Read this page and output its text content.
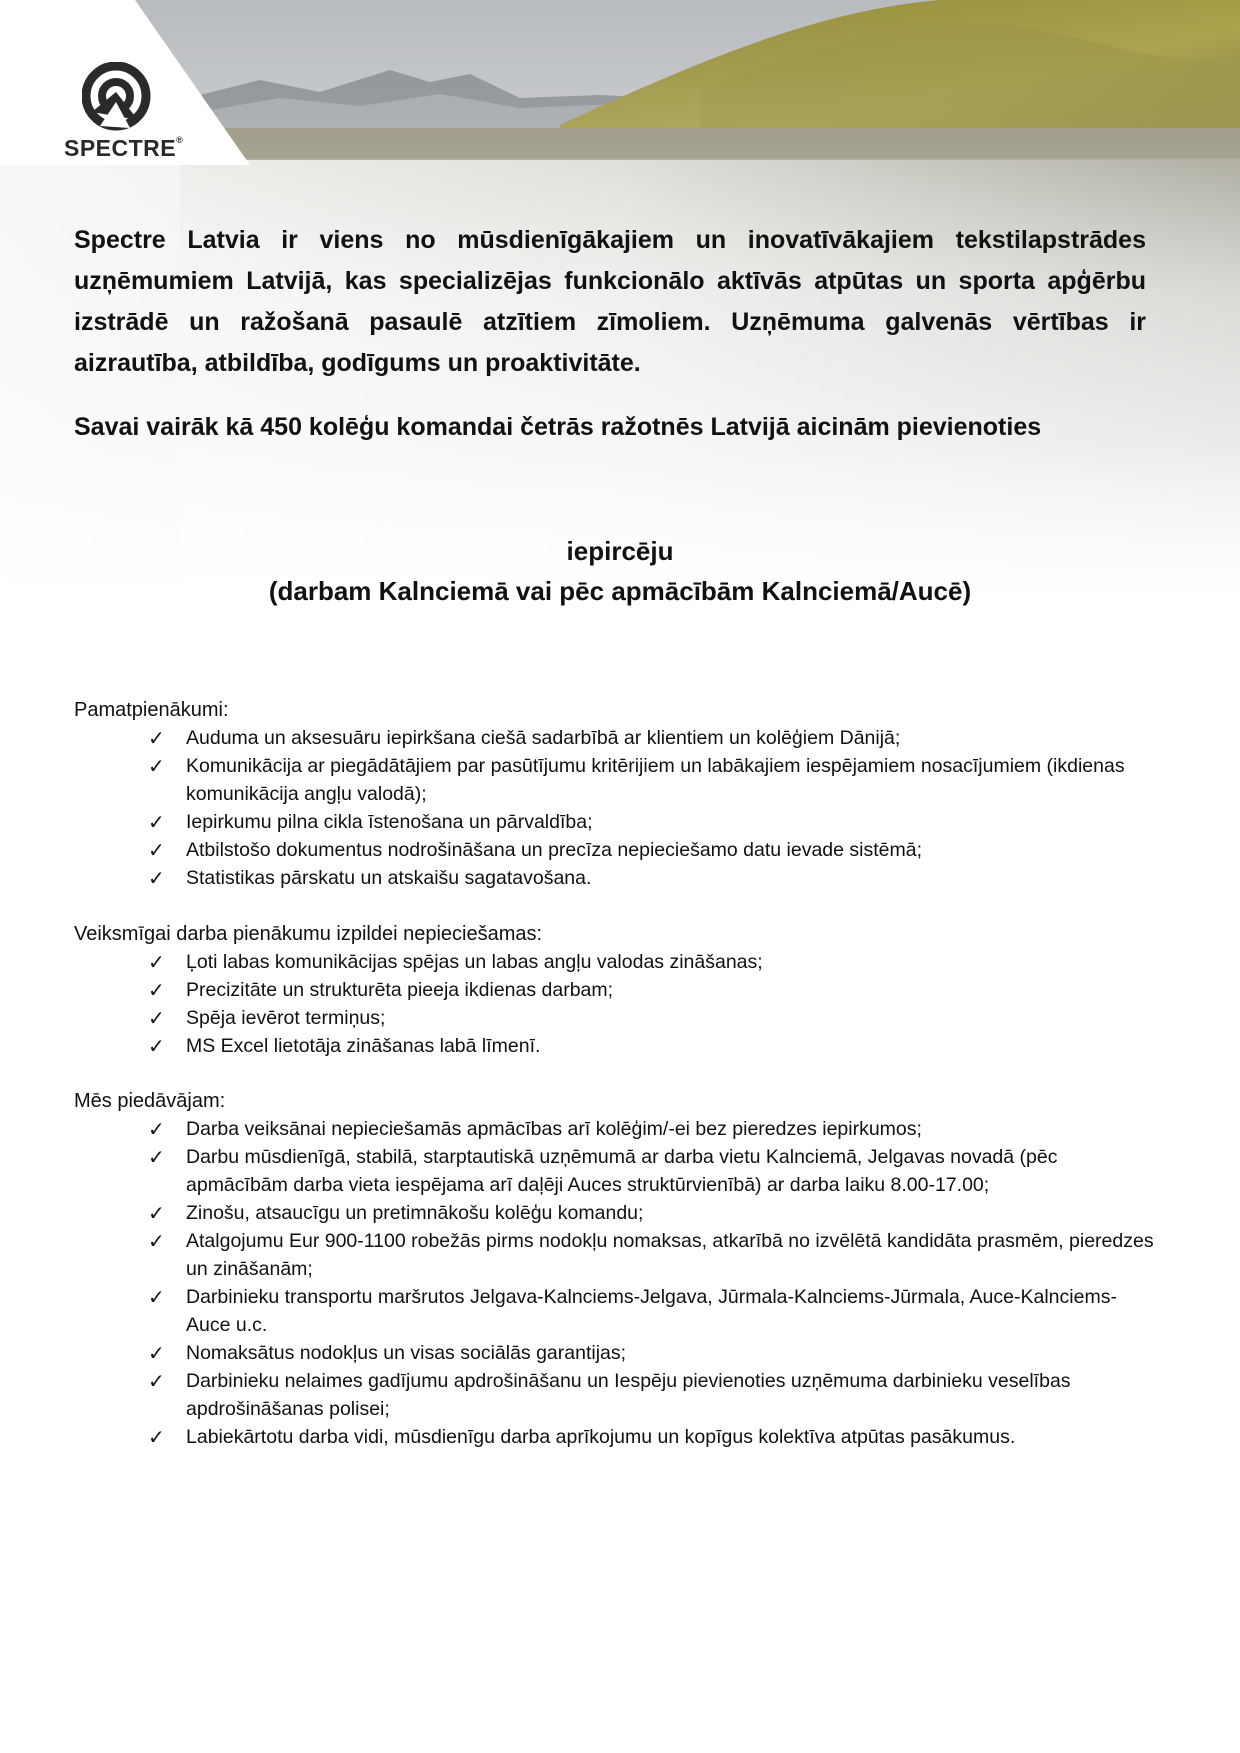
SPECTRE®
Spectre Latvia ir viens no mūsdienīgākajiem un inovatīvākajiem tekstilapstrādes uzņēmumiem Latvijā, kas specializējas funkcionālo aktīvās atpūtas un sporta apģērbu izstrādē un ražošanā pasaulē atzītiem zīmoliem. Uzņēmuma galvenās vērtības ir aizrautība, atbildība, godīgums un proaktivitāte.
Savai vairāk kā 450 kolēģu komandai četrās ražotnēs Latvijā aicinām pievienoties
iepircēju
(darbam Kalnciemā vai pēc apmācībām Kalnciemā/Aucē)
Pamatpienākumi:
✓ Auduma un aksesuāru iepirkšana ciešā sadarbībā ar klientiem un kolēģiem Dānijā;
✓ Komunikācija ar piegādātājiem par pasūtījumu kritērijiem un labākajiem iespējamiem nosacījumiem (ikdienas komunikācija angļu valodā);
✓ Iepirkumu pilna cikla īstenošana un pārvaldība;
✓ Atbilstošo dokumentus nodrošināšana un precīza nepieciešamo datu ievade sistēmā;
✓ Statistikas pārskatu un atskaišu sagatavošana.
Veiksmīgai darba pienākumu izpildei nepieciešamas:
✓ Ļoti labas komunikācijas spējas un labas angļu valodas zināšanas;
✓ Precizitāte un strukturēta pieeja ikdienas darbam;
✓ Spēja ievērot termiņus;
✓ MS Excel lietotāja zināšanas labā līmenī.
Mēs piedāvājam:
✓ Darba veiksānai nepieciešamās apmācības arī kolēģim/-ei bez pieredzes iepirkumos;
✓ Darbu mūsdienīgā, stabilā, starptautiskā uzņēmumā ar darba vietu Kalnciemā, Jelgavas novadā (pēc apmācībām darba vieta iespējama arī daļēji Auces struktūrvienībā) ar darba laiku 8.00-17.00;
✓ Zinošu, atsaucīgu un pretimnākošu kolēģu komandu;
✓ Atalgojumu Eur 900-1100 robežās pirms nodokļu nomaksas, atkarībā no izvēlētā kandidāta prasmēm, pieredzes un zināšanām;
✓ Darbinieku transportu maršrutos Jelgava-Kalnciems-Jelgava, Jūrmala-Kalnciems-Jūrmala, Auce-Kalnciems-Auce u.c.
✓ Nomaksātus nodokļus un visas sociālās garantijas;
✓ Darbinieku nelaimes gadījumu apdrošināšanu un Iespēju pievienoties uzņēmuma darbinieku veselības apdrošināšanas polisei;
✓ Labiekārtotu darba vidi, mūsdienīgu darba aprīkojumu un kopīgus kolektīva atpūtas pasākumus.
